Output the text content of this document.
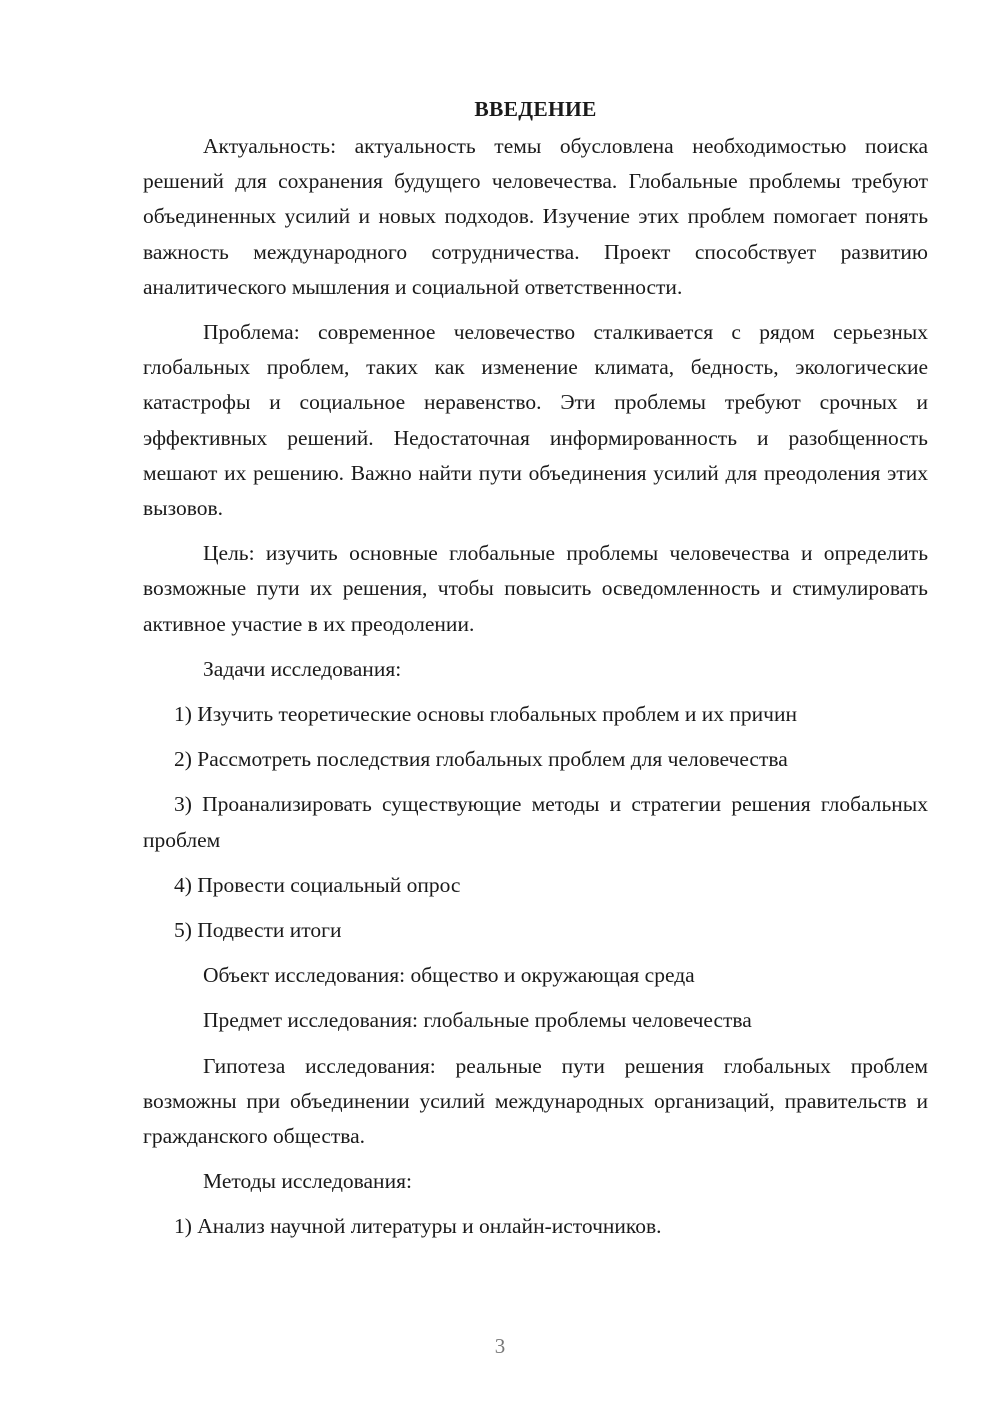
ВВЕДЕНИЕ

Актуальность: актуальность темы обусловлена необходимостью поиска решений для сохранения будущего человечества. Глобальные проблемы требуют объединенных усилий и новых подходов. Изучение этих проблем помогает понять важность международного сотрудничества. Проект способствует развитию аналитического мышления и социальной ответственности.

Проблема: современное человечество сталкивается с рядом серьезных глобальных проблем, таких как изменение климата, бедность, экологические катастрофы и социальное неравенство. Эти проблемы требуют срочных и эффективных решений. Недостаточная информированность и разобщенность мешают их решению. Важно найти пути объединения усилий для преодоления этих вызовов.

Цель: изучить основные глобальные проблемы человечества и определить возможные пути их решения, чтобы повысить осведомленность и стимулировать активное участие в их преодолении.

Задачи исследования:

1) Изучить теоретические основы глобальных проблем и их причин

2) Рассмотреть последствия глобальных проблем для человечества

3) Проанализировать существующие методы и стратегии решения глобальных проблем

4) Провести социальный опрос

5) Подвести итоги

Объект исследования: общество и окружающая среда

Предмет исследования: глобальные проблемы человечества

Гипотеза исследования: реальные пути решения глобальных проблем возможны при объединении усилий международных организаций, правительств и гражданского общества.

Методы исследования:

1) Анализ научной литературы и онлайн-источников.

3
